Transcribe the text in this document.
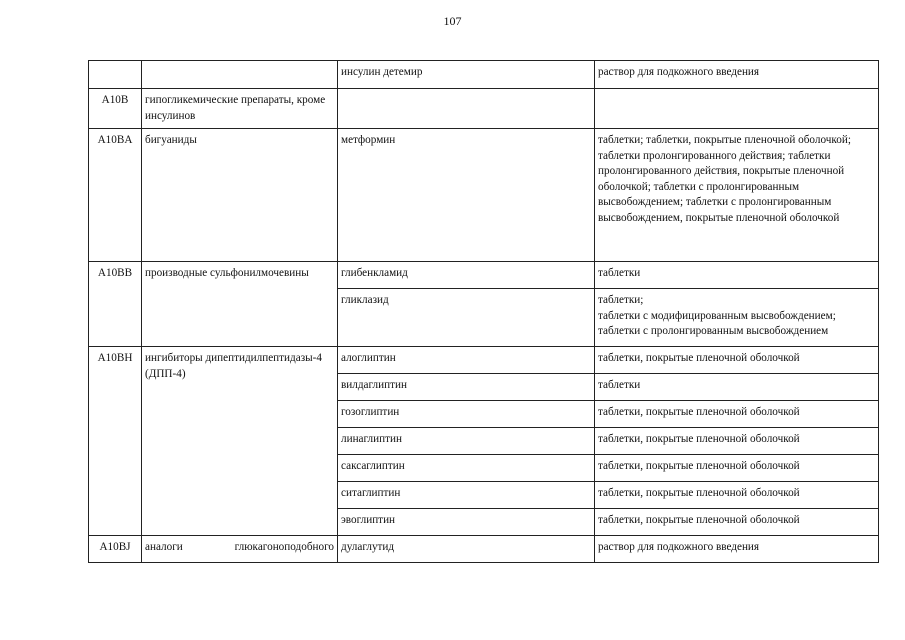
107
		инсулин детемир	раствор для подкожного введения
A10B	гипогликемические препараты, кроме инсулинов		
A10BA	бигуаниды	метформин	таблетки; таблетки, покрытые пленочной оболочкой; таблетки пролонгированного действия; таблетки пролонгированного действия, покрытые пленочной оболочкой; таблетки с пролонгированным высвобождением; таблетки с пролонгированным высвобождением, покрытые пленочной оболочкой
A10BB	производные сульфонилмочевины	глибенкламид	таблетки
		гликлазид	таблетки;
таблетки с модифицированным высвобождением;
таблетки с пролонгированным высвобождением

A10BH	ингибиторы дипептидилпептидазы-4 (ДПП-4)	алоглиптин	таблетки, покрытые пленочной оболочкой
		вилдаглиптин	таблетки
		гозоглиптин	таблетки, покрытые пленочной оболочкой
		линаглиптин	таблетки, покрытые пленочной оболочкой
		саксаглиптин	таблетки, покрытые пленочной оболочкой
		ситаглиптин	таблетки, покрытые пленочной оболочкой
		эвоглиптин	таблетки, покрытые пленочной оболочкой
A10BJ	аналоги глюкагоноподобного	дулаглутид	раствор для подкожного введения
